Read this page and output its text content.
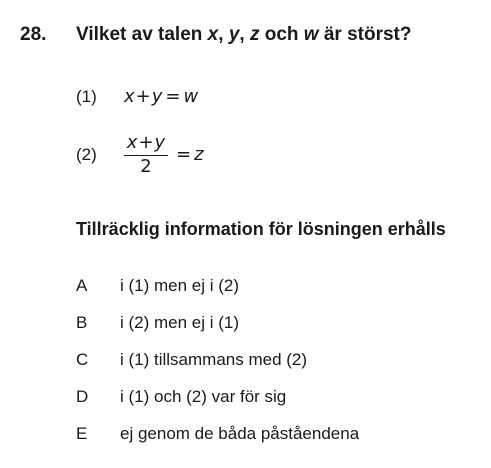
28. Vilket av talen x, y, z och w är störst?
(1) x+y = w
$(2) \frac{x+y}{2} = z$
Tillräcklig information för lösningen erhålls
A	i (1) men ej i (2)
B	i (2) men ej i (1)
C	i (1) tillsammans med (2)
D	i (1) och (2) var för sig
E	ej genom de båda påståendena
